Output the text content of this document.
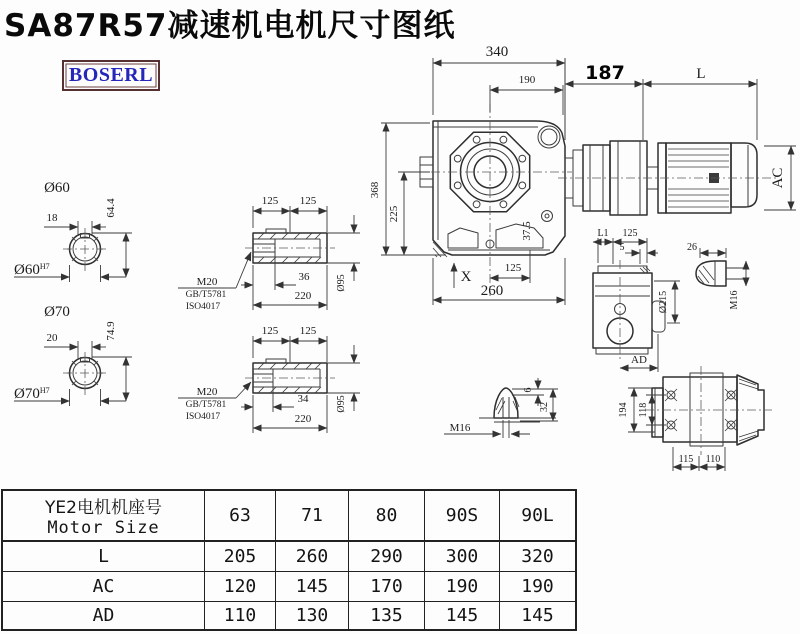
SA87R57减速机电机尺寸图纸
BOSERL
340
190
368
225
37.5
125
260
X
187	L
AC
Ø60
18
64.4
$Ø60^{H7}$
Ø70
20	74.9
$Ø70^{H7}$
125 125
36
220
Ø95
M20
GB/T5781
ISO4017
125 125
34
220
Ø95
M20
GB/T5781
ISO4017
L1 125
5
Ø215
AD
26
M16
M16
6
32	194 118
115 110
YE2电机机座号
Motor Size
63	71	80	90S	90L
L	205	260	290	300	320
AC	120	145	170	190	190
AD	110	130	135	145	145
